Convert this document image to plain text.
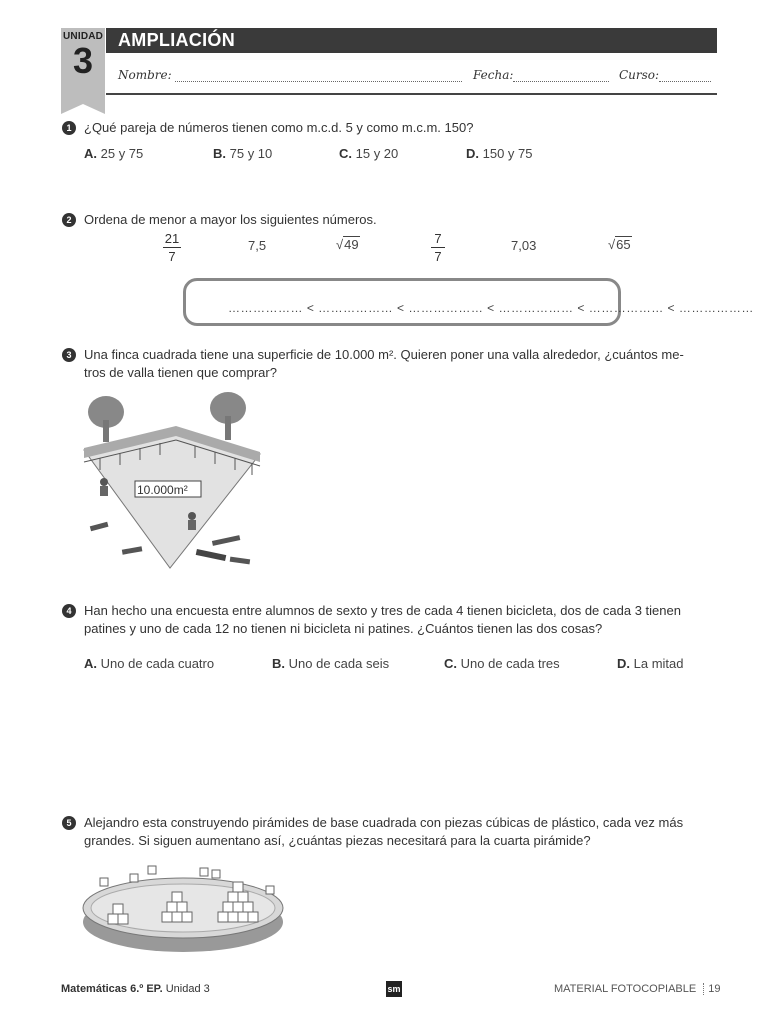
UNIDAD
3	AMPLIACIÓN
Nombre:	Fecha:	Curso:
1 ¿Qué pareja de números tienen como m.c.d. 5 y como m.c.m. 150?
A. 25 y 75	B. 75 y 10	C. 15 y 20	D. 150 y 75
2 Ordena de menor a mayor los siguientes números.
21
7
7,5	√49	7
7
7,03	√65
……………… < ……………… < ……………… < ……………… < ……………… < ………………
3 Una finca cuadrada tiene una superficie de 10.000 m². Quieren poner una valla alrededor, ¿cuántos me-
tros de valla tienen que comprar?
10.000m²
4 Han hecho una encuesta entre alumnos de sexto y tres de cada 4 tienen bicicleta, dos de cada 3 tienen
patines y uno de cada 12 no tienen ni bicicleta ni patines. ¿Cuántos tienen las dos cosas?
A. Uno de cada cuatro	B. Uno de cada seis	C. Uno de cada tres	D. La mitad
5 Alejandro esta construyendo pirámides de base cuadrada con piezas cúbicas de plástico, cada vez más
grandes. Si siguen aumentano así, ¿cuántas piezas necesitará para la cuarta pirámide?
Matemáticas 6.º EP. Unidad 3	sm	MATERIAL FOTOCOPIABLE 19
